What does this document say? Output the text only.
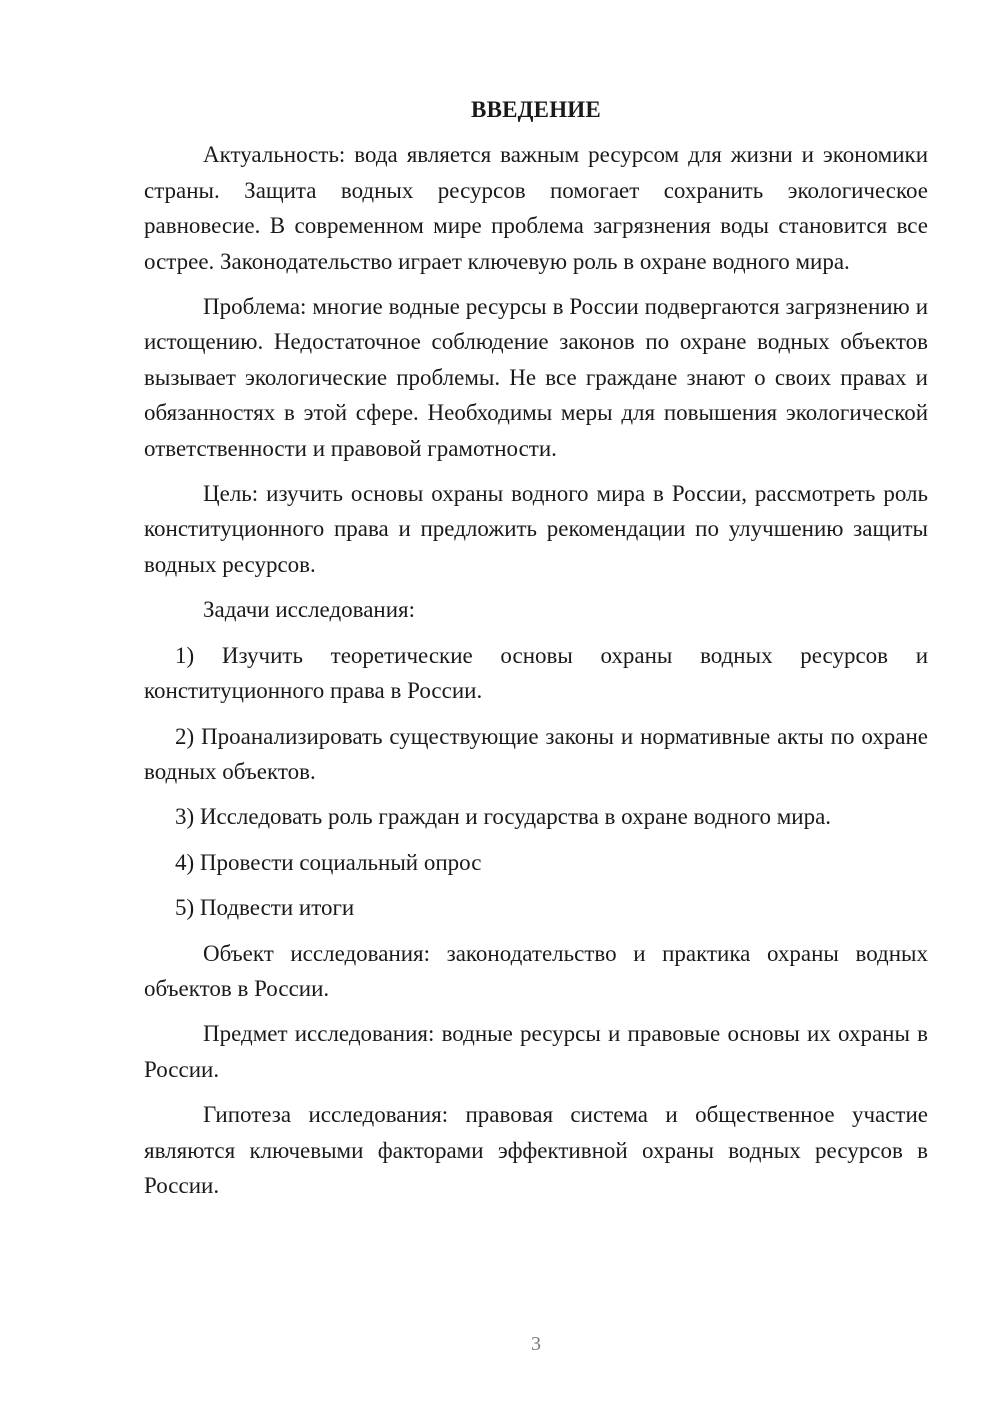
ВВЕДЕНИЕ

Актуальность: вода является важным ресурсом для жизни и экономики страны. Защита водных ресурсов помогает сохранить экологическое равновесие. В современном мире проблема загрязнения воды становится все острее. Законодательство играет ключевую роль в охране водного мира.

Проблема: многие водные ресурсы в России подвергаются загрязнению и истощению. Недостаточное соблюдение законов по охране водных объектов вызывает экологические проблемы. Не все граждане знают о своих правах и обязанностях в этой сфере. Необходимы меры для повышения экологической ответственности и правовой грамотности.

Цель: изучить основы охраны водного мира в России, рассмотреть роль конституционного права и предложить рекомендации по улучшению защиты водных ресурсов.

Задачи исследования:

1) Изучить теоретические основы охраны водных ресурсов и конституционного права в России.

2) Проанализировать существующие законы и нормативные акты по охране водных объектов.

3) Исследовать роль граждан и государства в охране водного мира.

4) Провести социальный опрос

5) Подвести итоги

Объект исследования: законодательство и практика охраны водных объектов в России.

Предмет исследования: водные ресурсы и правовые основы их охраны в России.

Гипотеза исследования: правовая система и общественное участие являются ключевыми факторами эффективной охраны водных ресурсов в России.

3
